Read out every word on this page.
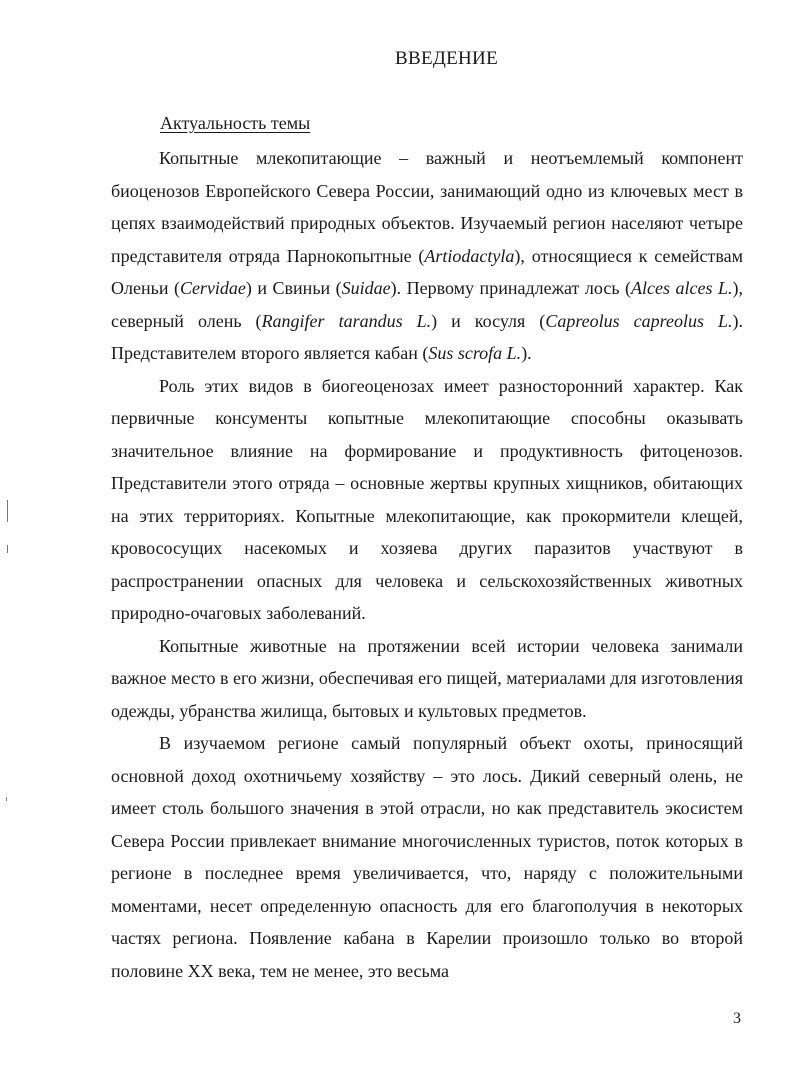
ВВЕДЕНИЕ
Актуальность темы

Копытные млекопитающие – важный и неотъемлемый компонент биоценозов Европейского Севера России, занимающий одно из ключевых мест в цепях взаимодействий природных объектов. Изучаемый регион населяют четыре представителя отряда Парнокопытные (Artiodactyla), относящиеся к семействам Оленьи (Cervidae) и Свиньи (Suidae). Первому принадлежат лось (Alces alces L.), северный олень (Rangifer tarandus L.) и косуля (Capreolus capreolus L.). Представителем второго является кабан (Sus scrofa L.).

Роль этих видов в биогеоценозах имеет разносторонний характер. Как первичные консументы копытные млекопитающие способны оказывать значительное влияние на формирование и продуктивность фитоценозов. Представители этого отряда – основные жертвы крупных хищников, обитающих на этих территориях. Копытные млекопитающие, как прокормители клещей, кровососущих насекомых и хозяева других паразитов участвуют в распространении опасных для человека и сельскохозяйственных животных природно-очаговых заболеваний.

Копытные животные на протяжении всей истории человека занимали важное место в его жизни, обеспечивая его пищей, материалами для изготовления одежды, убранства жилища, бытовых и культовых предметов.

В изучаемом регионе самый популярный объект охоты, приносящий основной доход охотничьему хозяйству – это лось. Дикий северный олень, не имеет столь большого значения в этой отрасли, но как представитель экосистем Севера России привлекает внимание многочисленных туристов, поток которых в регионе в последнее время увеличивается, что, наряду с положительными моментами, несет определенную опасность для его благополучия в некоторых частях региона. Появление кабана в Карелии произошло только во второй половине XX века, тем не менее, это весьма

3
